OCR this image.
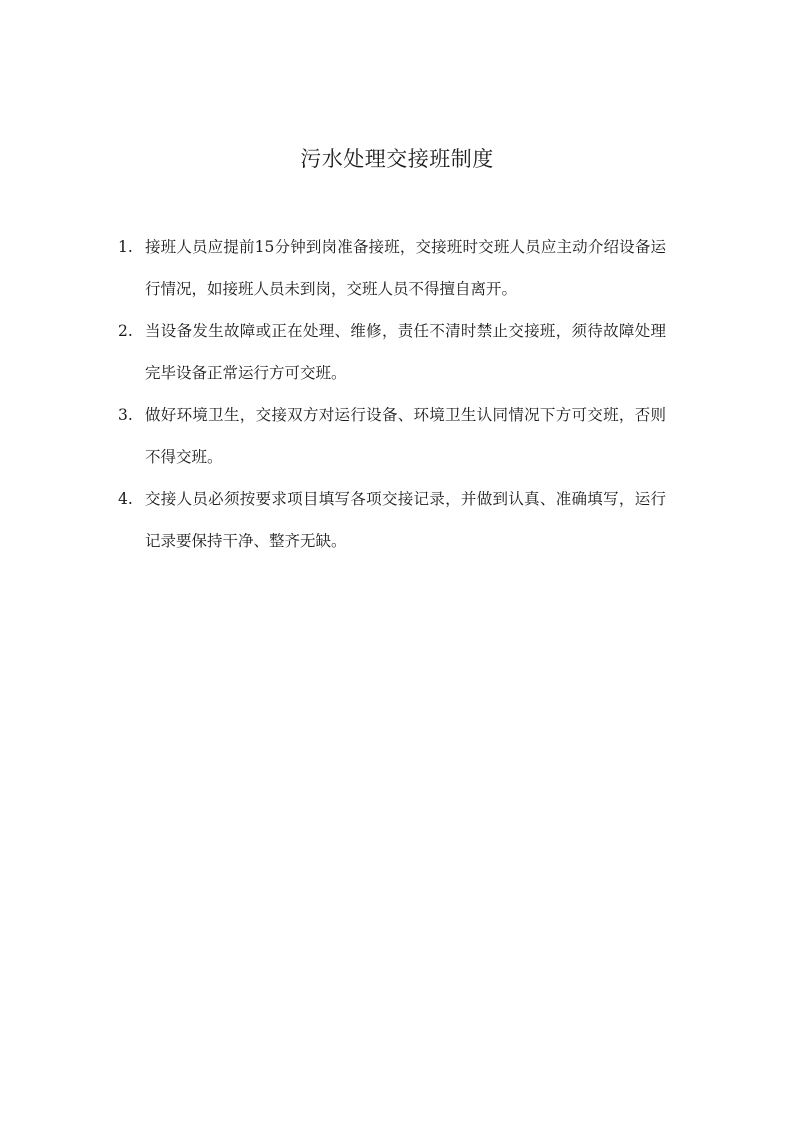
污水处理交接班制度
1. 接班人员应提前15分钟到岗准备接班，交接班时交班人员应主动介绍设备运行情况，如接班人员未到岗，交班人员不得擅自离开。
2. 当设备发生故障或正在处理、维修，责任不清时禁止交接班，须待故障处理完毕设备正常运行方可交班。
3. 做好环境卫生，交接双方对运行设备、环境卫生认同情况下方可交班，否则不得交班。
4. 交接人员必须按要求项目填写各项交接记录，并做到认真、准确填写，运行记录要保持干净、整齐无缺。
